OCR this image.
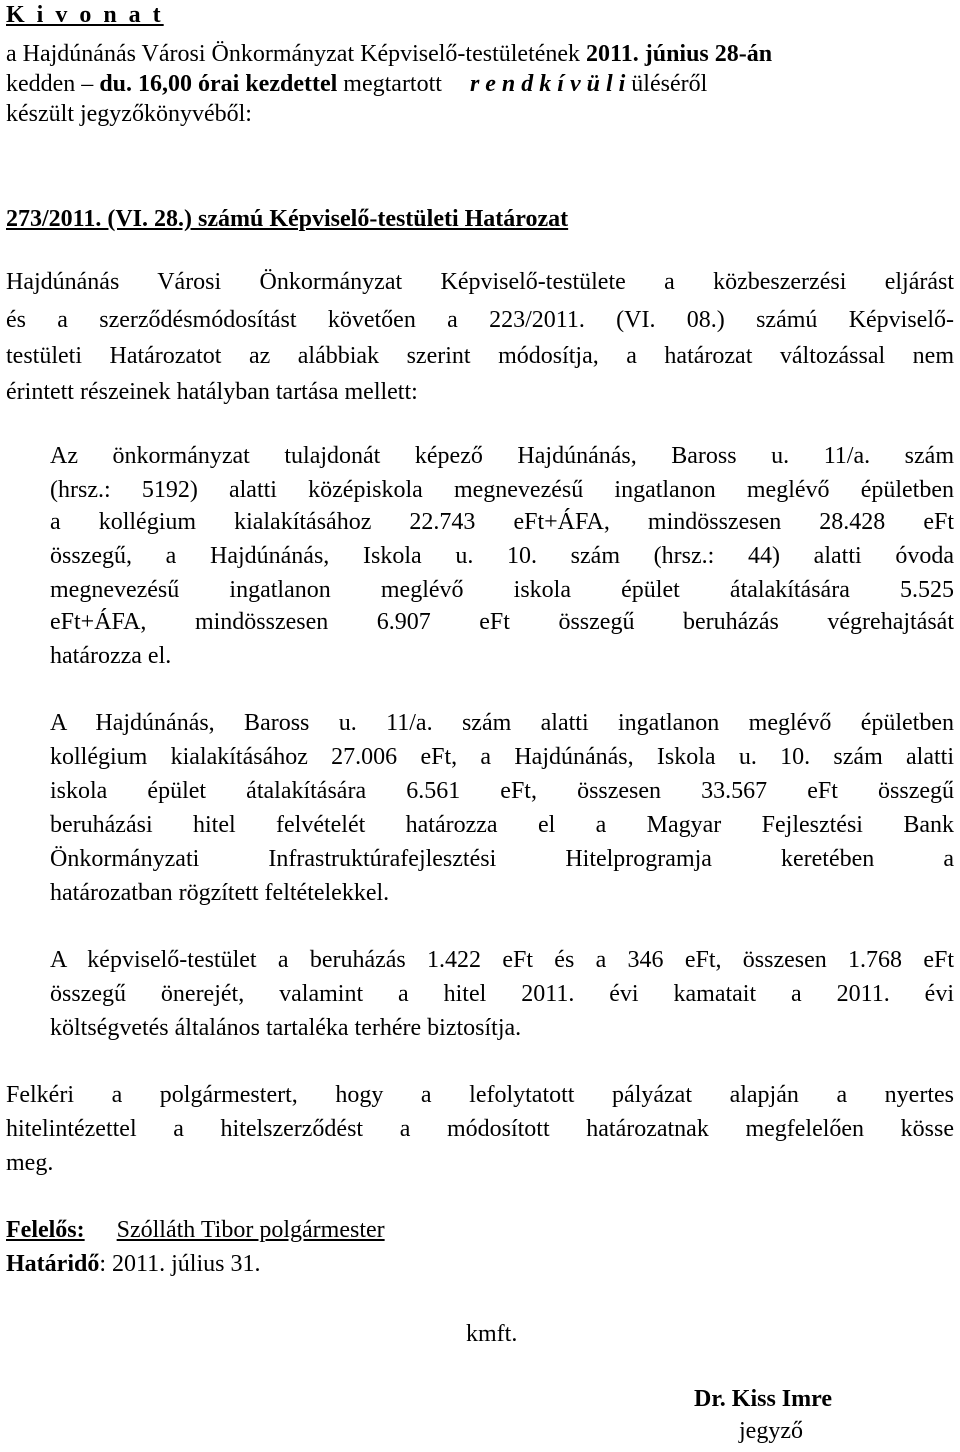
K i v o n a t
a Hajdúnánás Városi Önkormányzat Képviselő-testületének 2011. június 28-án
kedden – du. 16,00 órai kezdettel megtartott r e n d k í v ü l i üléséről
készült jegyzőkönyvéből:
273/2011. (VI. 28.) számú Képviselő-testületi Határozat
Hajdúnánás Városi Önkormányzat Képviselő-testülete a közbeszerzési eljárást
és a szerződésmódosítást követően a 223/2011. (VI. 08.) számú Képviselő-
testületi Határozatot az alábbiak szerint módosítja, a határozat változással nem
érintett részeinek hatályban tartása mellett:
Az önkormányzat tulajdonát képező Hajdúnánás, Baross u. 11/a. szám
(hrsz.: 5192) alatti középiskola megnevezésű ingatlanon meglévő épületben
a kollégium kialakításához 22.743 eFt+ÁFA, mindösszesen 28.428 eFt
összegű, a Hajdúnánás, Iskola u. 10. szám (hrsz.: 44) alatti óvoda
megnevezésű ingatlanon meglévő iskola épület átalakítására 5.525
eFt+ÁFA, mindösszesen 6.907 eFt összegű beruházás végrehajtását
határozza el.
A Hajdúnánás, Baross u. 11/a. szám alatti ingatlanon meglévő épületben
kollégium kialakításához 27.006 eFt, a Hajdúnánás, Iskola u. 10. szám alatti
iskola épület átalakítására 6.561 eFt, összesen 33.567 eFt összegű
beruházási hitel felvételét határozza el a Magyar Fejlesztési Bank
Önkormányzati Infrastruktúrafejlesztési Hitelprogramja keretében a
határozatban rögzített feltételekkel.
A képviselő-testület a beruházás 1.422 eFt és a 346 eFt, összesen 1.768 eFt
összegű önerejét, valamint a hitel 2011. évi kamatait a 2011. évi
költségvetés általános tartaléka terhére biztosítja.
Felkéri a polgármestert, hogy a lefolytatott pályázat alapján a nyertes
hitelintézettel a hitelszerződést a módosított határozatnak megfelelően kösse
meg.
Felelős: Szólláth Tibor polgármester
Határidő: 2011. július 31.
kmft.
Dr. Kiss Imre
jegyző
